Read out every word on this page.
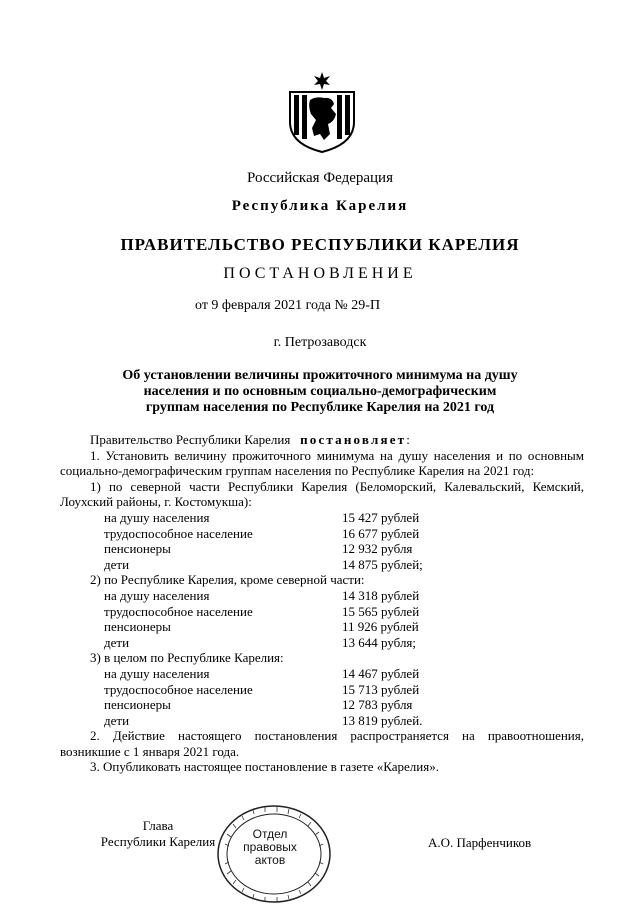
Российская Федерация
Республика Карелия
ПРАВИТЕЛЬСТВО РЕСПУБЛИКИ КАРЕЛИЯ
ПОСТАНОВЛЕНИЕ
от 9 февраля 2021 года № 29-П
г. Петрозаводск
Об установлении величины прожиточного минимума на душу
населения и по основным социально-демографическим
группам населения по Республике Карелия на 2021 год

Правительство Республики Карелия постановляет:

1. Установить величину прожиточного минимума на душу населения и по основным социально-демографическим группам населения по Республике Карелия на 2021 год:

1) по северной части Республики Карелия (Беломорский, Калевальский, Кемский, Лоухский районы, г. Костомукша):

на душу населения	15 427 рублей
трудоспособное население	16 677 рублей
пенсионеры	12 932 рубля
дети	14 875 рублей;

2) по Республике Карелия, кроме северной части:

на душу населения	14 318 рублей
трудоспособное население	15 565 рублей
пенсионеры	11 926 рублей
дети	13 644 рубля;

3) в целом по Республике Карелия:

на душу населения	14 467 рублей
трудоспособное население	15 713 рублей
пенсионеры	12 783 рубля
дети	13 819 рублей.

2. Действие настоящего постановления распространяется на правоотношения, возникшие с 1 января 2021 года.

3. Опубликовать настоящее постановление в газете «Карелия».

Глава
Республики Карелия	Отдел
правовых
актов
А.О. Парфенчиков
